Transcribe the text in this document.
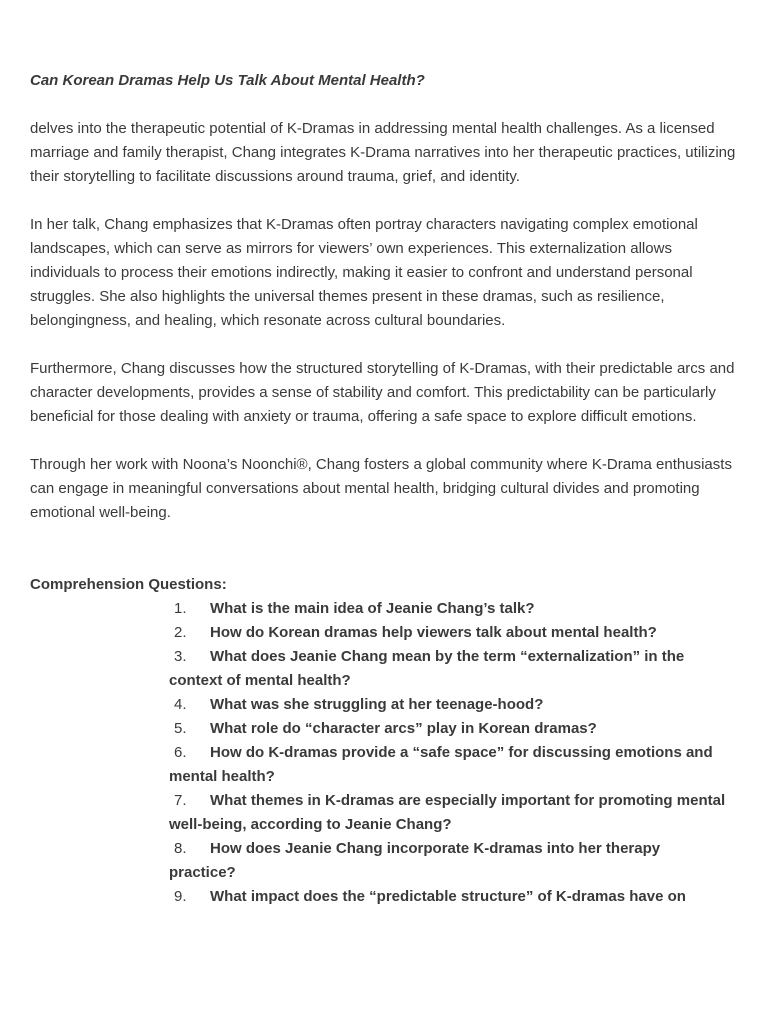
Can Korean Dramas Help Us Talk About Mental Health?

delves into the therapeutic potential of K-Dramas in addressing mental health challenges. As a licensed marriage and family therapist, Chang integrates K-Drama narratives into her therapeutic practices, utilizing their storytelling to facilitate discussions around trauma, grief, and identity.

In her talk, Chang emphasizes that K-Dramas often portray characters navigating complex emotional landscapes, which can serve as mirrors for viewers’ own experiences. This externalization allows individuals to process their emotions indirectly, making it easier to confront and understand personal struggles. She also highlights the universal themes present in these dramas, such as resilience, belongingness, and healing, which resonate across cultural boundaries.

Furthermore, Chang discusses how the structured storytelling of K-Dramas, with their predictable arcs and character developments, provides a sense of stability and comfort. This predictability can be particularly beneficial for those dealing with anxiety or trauma, offering a safe space to explore difficult emotions.

Through her work with Noona’s Noonchi®, Chang fosters a global community where K-Drama enthusiasts can engage in meaningful conversations about mental health, bridging cultural divides and promoting emotional well-being.

Comprehension Questions:

1. What is the main idea of Jeanie Chang’s talk?
2. How do Korean dramas help viewers talk about mental health?
3. What does Jeanie Chang mean by the term “externalization” in the context of mental health?
4. What was she struggling at her teenage-hood?
5. What role do “character arcs” play in Korean dramas?
6. How do K-dramas provide a “safe space” for discussing emotions and mental health?
7. What themes in K-dramas are especially important for promoting mental well-being, according to Jeanie Chang?
8. How does Jeanie Chang incorporate K-dramas into her therapy practice?
9. What impact does the “predictable structure” of K-dramas have on
